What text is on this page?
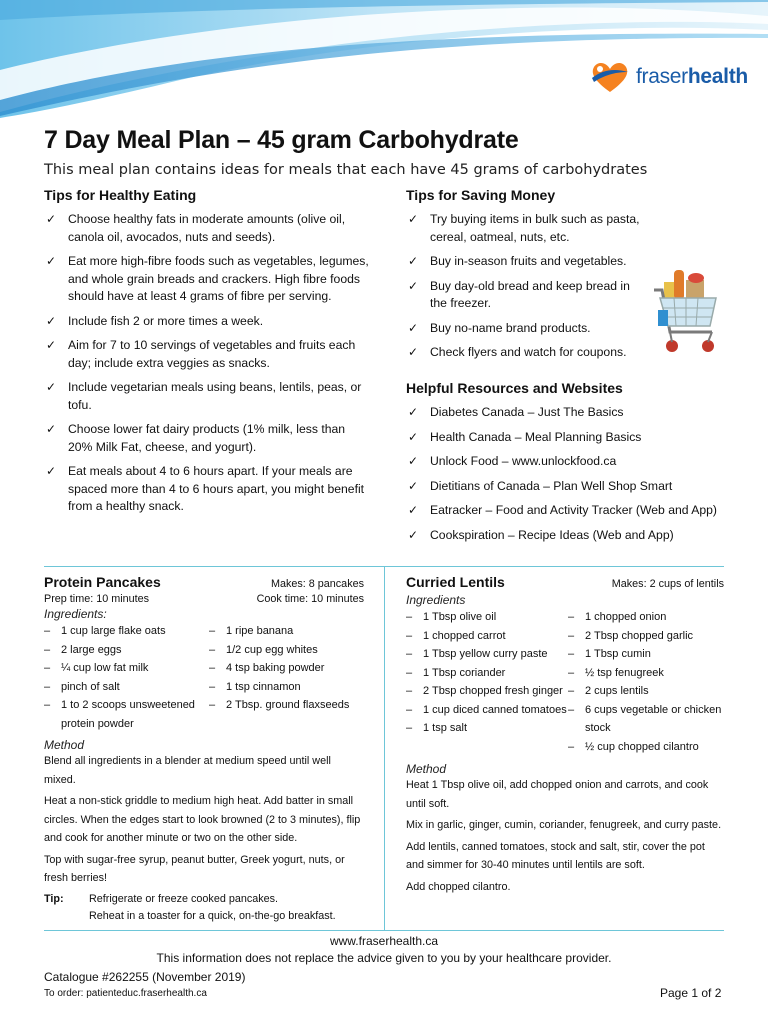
fraserhealth
7 Day Meal Plan – 45 gram Carbohydrate
This meal plan contains ideas for meals that each have 45 grams of carbohydrates
Tips for Healthy Eating
✓ Choose healthy fats in moderate amounts (olive oil, canola oil, avocados, nuts and seeds).
✓ Eat more high-fibre foods such as vegetables, legumes, and whole grain breads and crackers. High fibre foods should have at least 4 grams of fibre per serving.
✓ Include fish 2 or more times a week.
✓ Aim for 7 to 10 servings of vegetables and fruits each day; include extra veggies as snacks.
✓ Include vegetarian meals using beans, lentils, peas, or tofu.
✓ Choose lower fat dairy products (1% milk, less than 20% Milk Fat, cheese, and yogurt).
✓ Eat meals about 4 to 6 hours apart. If your meals are spaced more than 4 to 6 hours apart, you might benefit from a healthy snack.
Tips for Saving Money
✓ Try buying items in bulk such as pasta, cereal, oatmeal, nuts, etc.
✓ Buy in-season fruits and vegetables.
✓ Buy day-old bread and keep bread in the freezer.
✓ Buy no-name brand products.
✓ Check flyers and watch for coupons.
Helpful Resources and Websites
✓ Diabetes Canada – Just The Basics
✓ Health Canada – Meal Planning Basics
✓ Unlock Food – www.unlockfood.ca
✓ Dietitians of Canada – Plan Well Shop Smart
✓ Eatracker – Food and Activity Tracker (Web and App)
✓ Cookspiration – Recipe Ideas (Web and App)
Protein Pancakes	Makes: 8 pancakes
Prep time: 10 minutes	Cook time: 10 minutes
Ingredients:
– 1 cup large flake oats
– 2 large eggs
– ¼ cup low fat milk
– pinch of salt
– 1 to 2 scoops unsweetened protein powder
– 1 ripe banana
– 1/2 cup egg whites
– 4 tsp baking powder
– 1 tsp cinnamon
– 2 Tbsp. ground flaxseeds
Method
Blend all ingredients in a blender at medium speed until well mixed.
Heat a non-stick griddle to medium high heat. Add batter in small circles. When the edges start to look browned (2 to 3 minutes), flip and cook for another minute or two on the other side.
Top with sugar-free syrup, peanut butter, Greek yogurt, nuts, or fresh berries!
Tip:	Refrigerate or freeze cooked pancakes.
Reheat in a toaster for a quick, on-the-go breakfast.
Curried Lentils	Makes: 2 cups of lentils
Ingredients
– 1 Tbsp olive oil
– 1 chopped carrot
– 1 Tbsp yellow curry paste
– 1 Tbsp coriander
– 2 Tbsp chopped fresh ginger
– 1 cup diced canned tomatoes
– 1 tsp salt
– 1 chopped onion
– 2 Tbsp chopped garlic
– 1 Tbsp cumin
– ½ tsp fenugreek
– 2 cups lentils
– 6 cups vegetable or chicken stock
– ½ cup chopped cilantro
Method
Heat 1 Tbsp olive oil, add chopped onion and carrots, and cook until soft.
Mix in garlic, ginger, cumin, coriander, fenugreek, and curry paste.
Add lentils, canned tomatoes, stock and salt, stir, cover the pot and simmer for 30-40 minutes until lentils are soft.
Add chopped cilantro.
www.fraserhealth.ca
This information does not replace the advice given to you by your healthcare provider.
Catalogue #262255 (November 2019)
To order: patienteduc.fraserhealth.ca	Page 1 of 2
